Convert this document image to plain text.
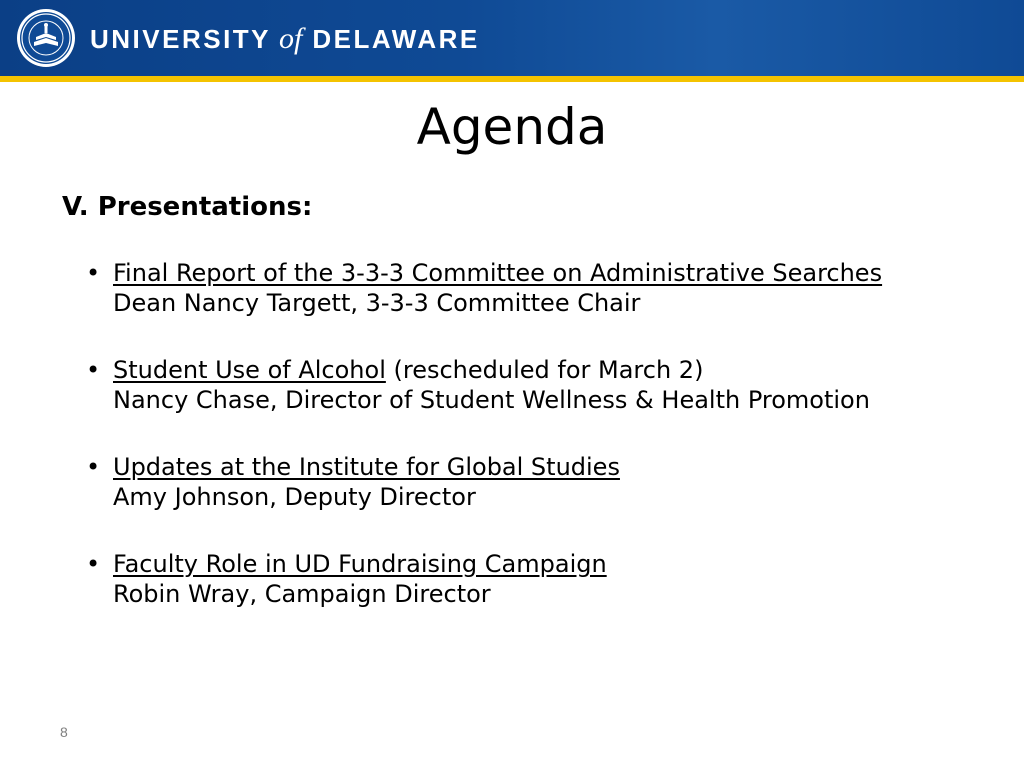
UNIVERSITY of DELAWARE
Agenda
V. Presentations:
• Final Report of the 3-3-3 Committee on Administrative Searches
Dean Nancy Targett, 3-3-3 Committee Chair
• Student Use of Alcohol (rescheduled for March 2)
Nancy Chase, Director of Student Wellness & Health Promotion
• Updates at the Institute for Global Studies
Amy Johnson, Deputy Director
• Faculty Role in UD Fundraising Campaign
Robin Wray, Campaign Director
8
